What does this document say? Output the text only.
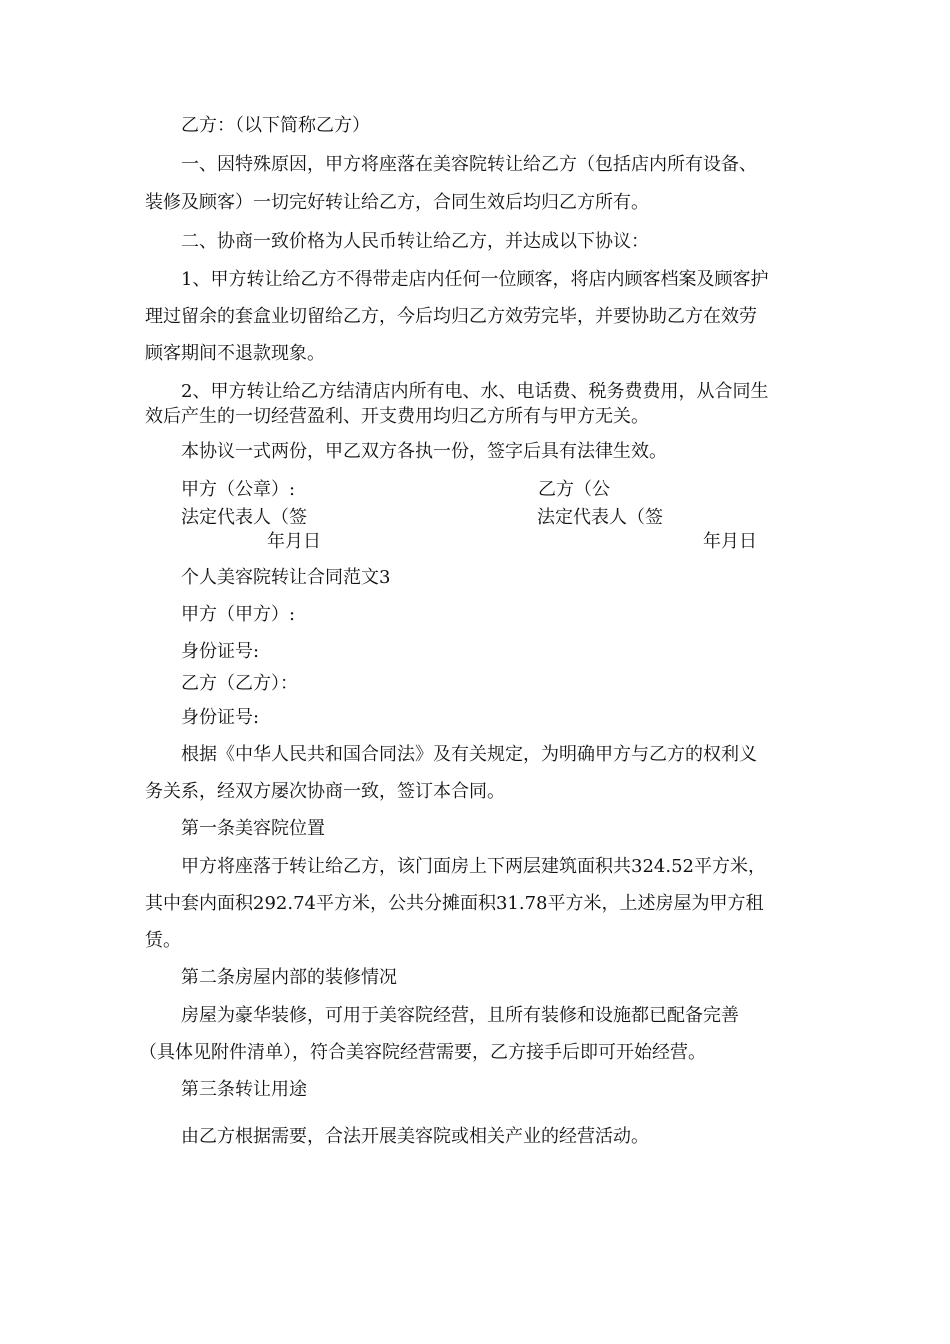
乙方：（以下简称乙方）
一、因特殊原因，甲方将座落在美容院转让给乙方（包括店内所有设备、
装修及顾客）一切完好转让给乙方，合同生效后均归乙方所有。
二、协商一致价格为人民币转让给乙方，并达成以下协议：
1、甲方转让给乙方不得带走店内任何一位顾客，将店内顾客档案及顾客护
理过留余的套盒业切留给乙方，今后均归乙方效劳完毕，并要协助乙方在效劳
顾客期间不退款现象。
2、甲方转让给乙方结清店内所有电、水、电话费、税务费费用，从合同生
效后产生的一切经营盈利、开支费用均归乙方所有与甲方无关。
本协议一式两份，甲乙双方各执一份，签字后具有法律生效。
甲方（公章）:	乙方（公
法定代表人（签	法定代表人（签
年月日	年月日
个人美容院转让合同范文3
甲方（甲方）:
身份证号:
乙方（乙方）：
身份证号:
根据《中华人民共和国合同法》及有关规定，为明确甲方与乙方的权利义
务关系，经双方屡次协商一致，签订本合同。
第一条美容院位置
甲方将座落于转让给乙方，该门面房上下两层建筑面积共324.52平方米，
其中套内面积292.74平方米，公共分摊面积31.78平方米，上述房屋为甲方租
赁。
第二条房屋内部的装修情况
房屋为豪华装修，可用于美容院经营，且所有装修和设施都已配备完善
（具体见附件清单），符合美容院经营需要，乙方接手后即可开始经营。
第三条转让用途
由乙方根据需要，合法开展美容院或相关产业的经营活动。
